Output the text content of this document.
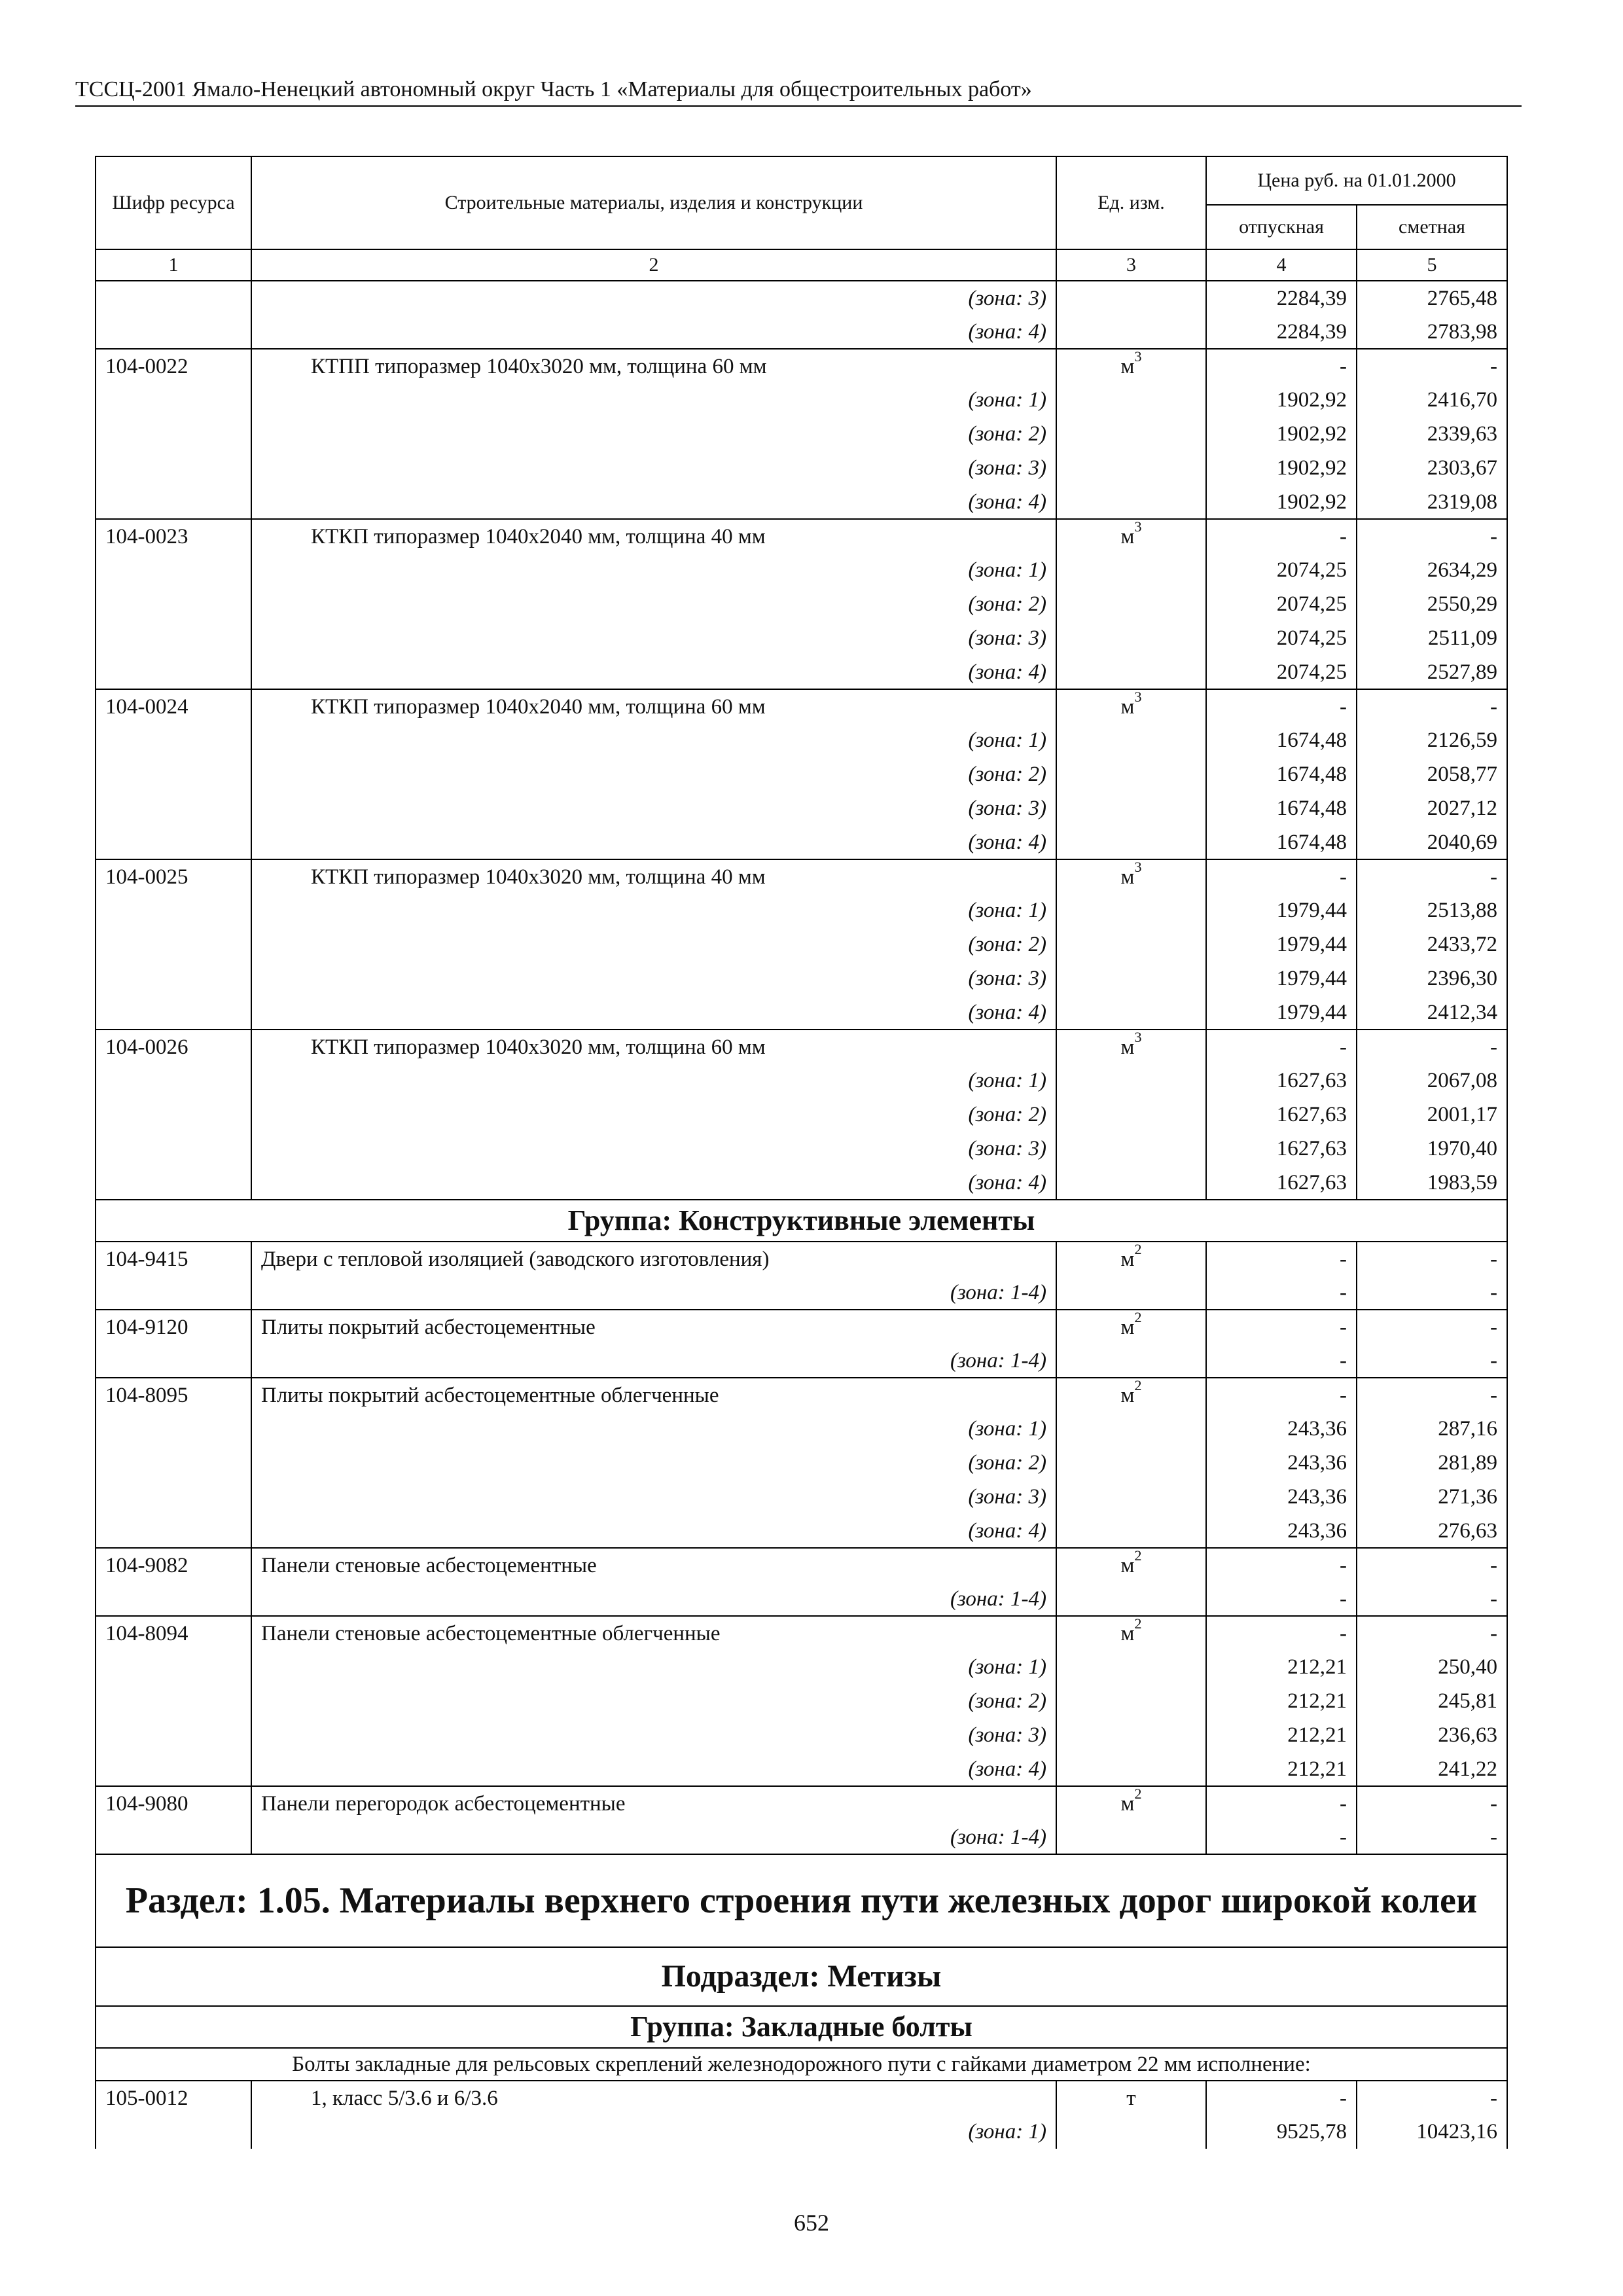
ТССЦ-2001 Ямало-Ненецкий автономный округ Часть 1 «Материалы для общестроительных работ»
Шифр ресурса	Строительные материалы, изделия и конструкции	Ед. изм.	Цена руб. на 01.01.2000	
			отпускная	сметная
1	2	3	4	5
	(зона: 3)		2284,39	2765,48
	(зона: 4)		2284,39	2783,98
104-0022	КТПП типоразмер 1040х3020 мм, толщина 60 мм	$м^3$	-	-
	(зона: 1)		1902,92	2416,70
	(зона: 2)		1902,92	2339,63
	(зона: 3)		1902,92	2303,67
	(зона: 4)		1902,92	2319,08
104-0023	КТКП типоразмер 1040х2040 мм, толщина 40 мм	$м^3$	-	-
	(зона: 1)		2074,25	2634,29
	(зона: 2)		2074,25	2550,29
	(зона: 3)		2074,25	2511,09
	(зона: 4)		2074,25	2527,89
104-0024	КТКП типоразмер 1040х2040 мм, толщина 60 мм	$м^3$	-	-
	(зона: 1)		1674,48	2126,59
	(зона: 2)		1674,48	2058,77
	(зона: 3)		1674,48	2027,12
	(зона: 4)		1674,48	2040,69
104-0025	КТКП типоразмер 1040х3020 мм, толщина 40 мм	$м^3$	-	-
	(зона: 1)		1979,44	2513,88
	(зона: 2)		1979,44	2433,72
	(зона: 3)		1979,44	2396,30
	(зона: 4)		1979,44	2412,34
104-0026	КТКП типоразмер 1040х3020 мм, толщина 60 мм	$м^3$	-	-
	(зона: 1)		1627,63	2067,08
	(зона: 2)		1627,63	2001,17
	(зона: 3)		1627,63	1970,40
	(зона: 4)		1627,63	1983,59
Группа: Конструктивные элементы				
104-9415	Двери с тепловой изоляцией (заводского изготовления)	$м^2$	-	-
	(зона: 1-4)		-	-
104-9120	Плиты покрытий асбестоцементные	$м^2$	-	-
	(зона: 1-4)		-	-
104-8095	Плиты покрытий асбестоцементные облегченные	$м^2$	-	-
	(зона: 1)		243,36	287,16
	(зона: 2)		243,36	281,89
	(зона: 3)		243,36	271,36
	(зона: 4)		243,36	276,63
104-9082	Панели стеновые асбестоцементные	$м^2$	-	-
	(зона: 1-4)		-	-
104-8094	Панели стеновые асбестоцементные облегченные	$м^2$	-	-
	(зона: 1)		212,21	250,40
	(зона: 2)		212,21	245,81
	(зона: 3)		212,21	236,63
	(зона: 4)		212,21	241,22
104-9080	Панели перегородок асбестоцементные	$м^2$	-	-
	(зона: 1-4)		-	-
Раздел: 1.05. Материалы верхнего строения пути железных дорог широкой колеи				
Подраздел: Метизы				
Группа: Закладные болты				
Болты закладные для рельсовых скреплений железнодорожного пути с гайками диаметром 22 мм исполнение:				
105-0012	1, класс 5/3.6 и 6/3.6	т	-	-
	(зона: 1)		9525,78	10423,16
652
